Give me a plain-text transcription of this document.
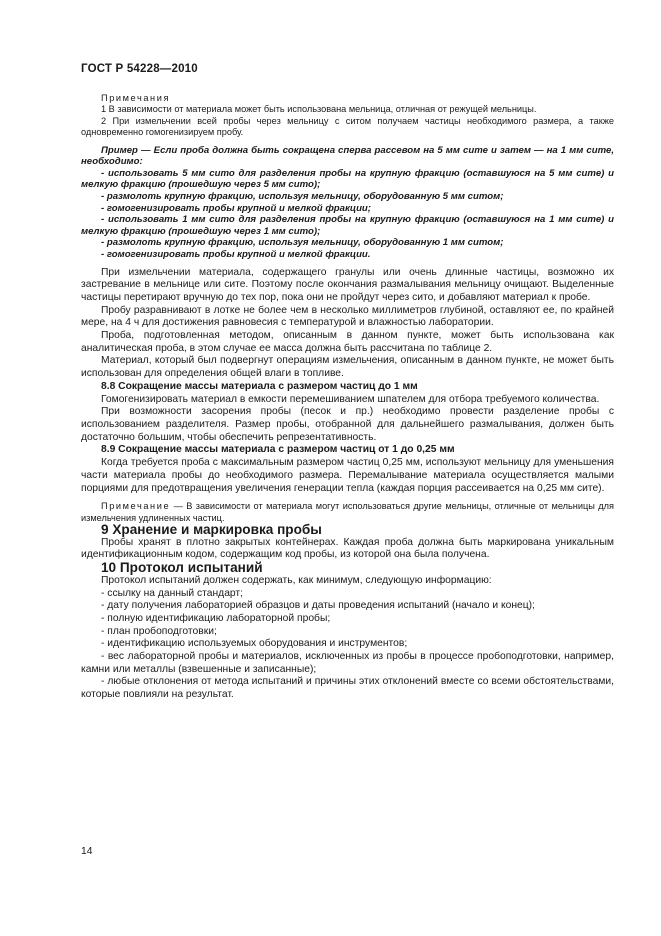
ГОСТ Р 54228—2010

Примечания

1 В зависимости от материала может быть использована мельница, отличная от режущей мельницы.

2 При измельчении всей пробы через мельницу с ситом получаем частицы необходимого размера, а также одновременно гомогенизируем пробу.

Пример — Если проба должна быть сокращена сперва рассевом на 5 мм сите и затем — на 1 мм сите, необходимо:

- использовать 5 мм сито для разделения пробы на крупную фракцию (оставшуюся на 5 мм сите) и мелкую фракцию (прошедшую через 5 мм сито);

- размолоть крупную фракцию, используя мельницу, оборудованную 5 мм ситом;

- гомогенизировать пробы крупной и мелкой фракции;

- использовать 1 мм сито для разделения пробы на крупную фракцию (оставшуюся на 1 мм сите) и мелкую фракцию (прошедшую через 1 мм сито);

- размолоть крупную фракцию, используя мельницу, оборудованную 1 мм ситом;

- гомогенизировать пробы крупной и мелкой фракции.

При измельчении материала, содержащего гранулы или очень длинные частицы, возможно их застревание в мельнице или сите. Поэтому после окончания размалывания мельницу очищают. Выделенные частицы перетирают вручную до тех пор, пока они не пройдут через сито, и добавляют материал к пробе.

Пробу разравнивают в лотке не более чем в несколько миллиметров глубиной, оставляют ее, по крайней мере, на 4 ч для достижения равновесия с температурой и влажностью лаборатории.

Проба, подготовленная методом, описанным в данном пункте, может быть использована как аналитическая проба, в этом случае ее масса должна быть рассчитана по таблице 2.

Материал, который был подвергнут операциям измельчения, описанным в данном пункте, не может быть использован для определения общей влаги в топливе.

8.8 Сокращение массы материала с размером частиц до 1 мм

Гомогенизировать материал в емкости перемешиванием шпателем для отбора требуемого количества.

При возможности засорения пробы (песок и пр.) необходимо провести разделение пробы с использованием разделителя. Размер пробы, отобранной для дальнейшего размалывания, должен быть достаточно большим, чтобы обеспечить репрезентативность.

8.9 Сокращение массы материала с размером частиц от 1 до 0,25 мм

Когда требуется проба с максимальным размером частиц 0,25 мм, используют мельницу для уменьшения части материала пробы до необходимого размера. Перемалывание материала осуществляется малыми порциями для предотвращения увеличения генерации тепла (каждая порция рассеивается на 0,25 мм сите).

Примечание — В зависимости от материала могут использоваться другие мельницы, отличные от мельницы для измельчения удлиненных частиц.

9 Хранение и маркировка пробы

Пробы хранят в плотно закрытых контейнерах. Каждая проба должна быть маркирована уникальным идентификационным кодом, содержащим код пробы, из которой она была получена.

10 Протокол испытаний

Протокол испытаний должен содержать, как минимум, следующую информацию:

- ссылку на данный стандарт;

- дату получения лабораторией образцов и даты проведения испытаний (начало и конец);

- полную идентификацию лабораторной пробы;

- план пробоподготовки;

- идентификацию используемых оборудования и инструментов;

- вес лабораторной пробы и материалов, исключенных из пробы в процессе пробоподготовки, например, камни или металлы (взвешенные и записанные);

- любые отклонения от метода испытаний и причины этих отклонений вместе со всеми обстоятельствами, которые повлияли на результат.

14
